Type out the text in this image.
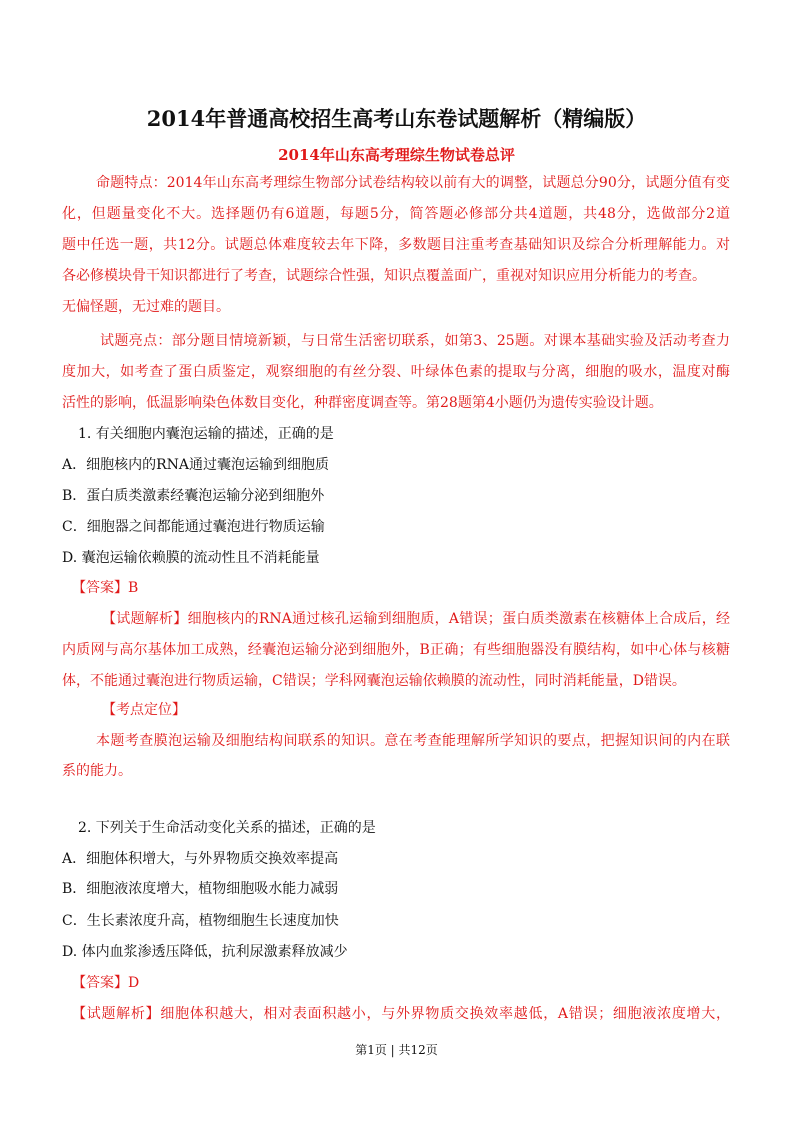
2014年普通高校招生高考山东卷试题解析（精编版）
2014年山东高考理综生物试卷总评
命题特点：2014年山东高考理综生物部分试卷结构较以前有大的调整，试题总分90分，试题分值有变
化，但题量变化不大。选择题仍有6道题，每题5分，简答题必修部分共4道题，共48分，选做部分2道
题中任选一题，共12分。试题总体难度较去年下降，多数题目注重考查基础知识及综合分析理解能力。对
各必修模块骨干知识都进行了考查，试题综合性强，知识点覆盖面广，重视对知识应用分析能力的考查。
无偏怪题，无过难的题目。
试题亮点：部分题目情境新颖，与日常生活密切联系，如第3、25题。对课本基础实验及活动考查力
度加大，如考查了蛋白质鉴定，观察细胞的有丝分裂、叶绿体色素的提取与分离，细胞的吸水，温度对酶
活性的影响，低温影响染色体数目变化，种群密度调查等。第28题第4小题仍为遗传实验设计题。
1. 有关细胞内囊泡运输的描述，正确的是
A．细胞核内的RNA通过囊泡运输到细胞质
B．蛋白质类激素经囊泡运输分泌到细胞外
C．细胞器之间都能通过囊泡进行物质运输
D. 囊泡运输依赖膜的流动性且不消耗能量
【答案】B
【试题解析】细胞核内的RNA通过核孔运输到细胞质，A错误；蛋白质类激素在核糖体上合成后，经
内质网与高尔基体加工成熟，经囊泡运输分泌到细胞外，B正确；有些细胞器没有膜结构，如中心体与核糖
体，不能通过囊泡进行物质运输，C错误；学科网囊泡运输依赖膜的流动性，同时消耗能量，D错误。
【考点定位】
本题考查膜泡运输及细胞结构间联系的知识。意在考查能理解所学知识的要点，把握知识间的内在联
系的能力。
2. 下列关于生命活动变化关系的描述，正确的是
A．细胞体积增大，与外界物质交换效率提高
B．细胞液浓度增大，植物细胞吸水能力减弱
C．生长素浓度升高，植物细胞生长速度加快
D. 体内血浆渗透压降低，抗利尿激素释放减少
【答案】D
【试题解析】细胞体积越大，相对表面积越小，与外界物质交换效率越低，A错误；细胞液浓度增大，
第1页 | 共12页
